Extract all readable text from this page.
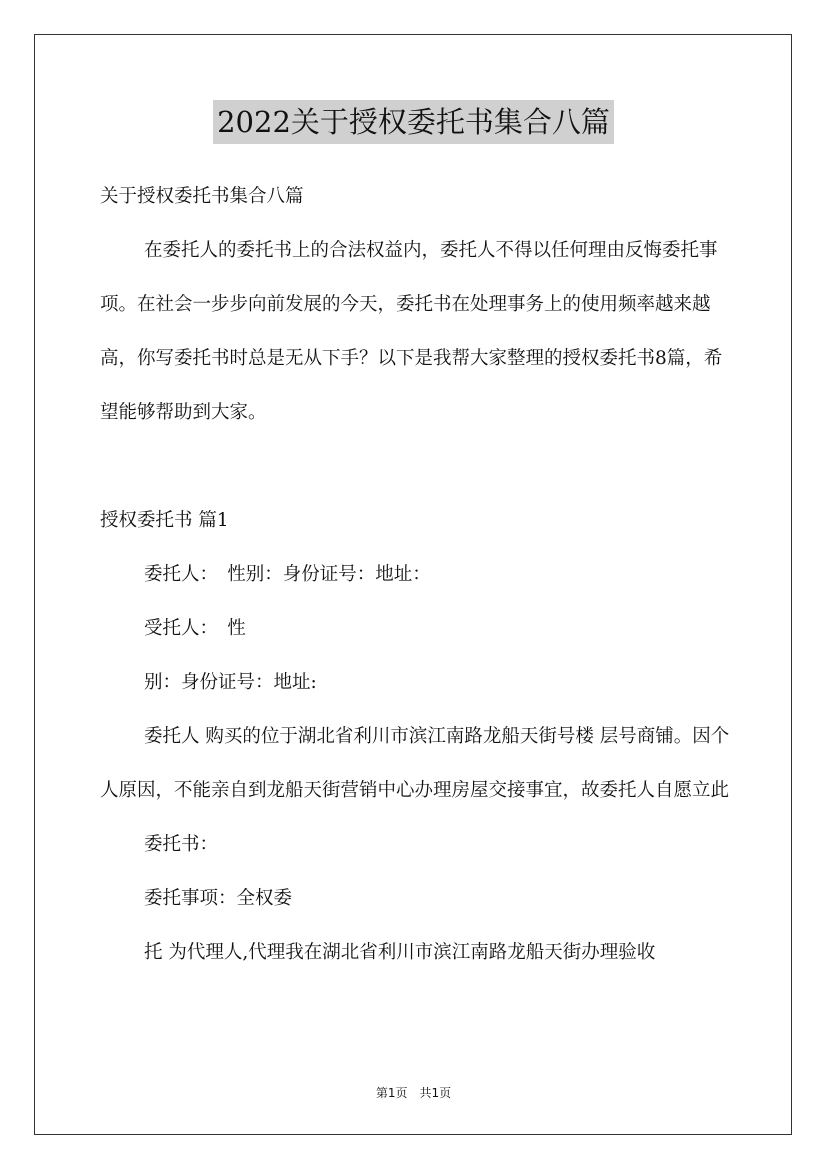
2022关于授权委托书集合八篇

关于授权委托书集合八篇

在委托人的委托书上的合法权益内，委托人不得以任何理由反悔委托事项。在社会一步步向前发展的今天，委托书在处理事务上的使用频率越来越高，你写委托书时总是无从下手？以下是我帮大家整理的授权委托书8篇，希望能够帮助到大家。

授权委托书 篇1

委托人：　性别：身份证号：地址：

受托人：　性

别：身份证号：地址:

委托人 购买的位于湖北省利川市滨江南路龙船天街号楼 层号商铺。因个人原因，不能亲自到龙船天街营销中心办理房屋交接事宜，故委托人自愿立此

委托书：

委托事项：全权委

托 为代理人,代理我在湖北省利川市滨江南路龙船天街办理验收

第1页　共1页
